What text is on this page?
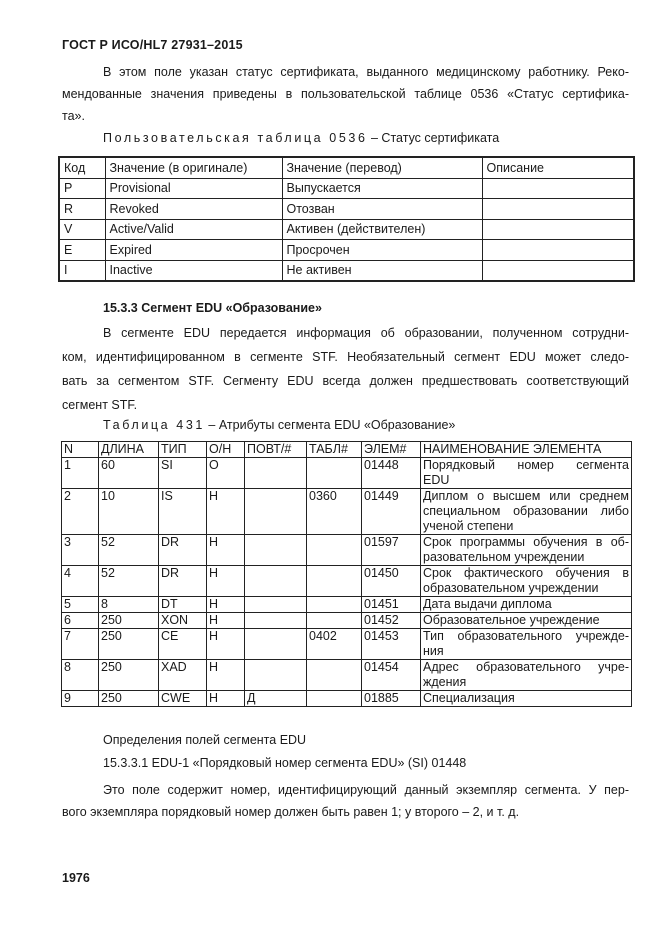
ГОСТ Р ИСО/HL7 27931–2015
В этом поле указан статус сертификата, выданного медицинскому работнику. Реко-
мендованные значения приведены в пользовательской таблице 0536 «Статус сертифика-
та».
Пользовательская таблица 0536 – Статус сертификата
Код	Значение (в оригинале)	Значение (перевод)	Описание
P	Provisional	Выпускается	
R	Revoked	Отозван	
V	Active/Valid	Активен (действителен)	
E	Expired	Просрочен	
I	Inactive	Не активен	
15.3.3 Сегмент EDU «Образование»
В сегменте EDU передается информация об образовании, полученном сотрудни-
ком, идентифицированном в сегменте STF. Необязательный сегмент EDU может следо-
вать за сегментом STF. Сегменту EDU всегда должен предшествовать соответствующий
сегмент STF.
Таблица 431 – Атрибуты сегмента EDU «Образование»
N	ДЛИНА	ТИП	О/Н	ПОВТ/#	ТАБЛ#	ЭЛЕМ#	НАИМЕНОВАНИЕ ЭЛЕМЕНТА
1	60	SI	О			01448	Порядковый номер сегмента
EDU

2	10	IS	Н		0360	01449	Диплом о высшем или среднем
специальном образовании либо
ученой степени

3	52	DR	Н			01597	Срок программы обучения в об-
разовательном учреждении

4	52	DR	Н			01450	Срок фактического обучения в
образовательном учреждении

5	8	DT	Н			01451	Дата выдачи диплома

6	250	XON	Н			01452	Образовательное учреждение

7	250	CE	Н		0402	01453	Тип образовательного учрежде-
ния

8	250	XAD	Н			01454	Адрес образовательного учре-
ждения

9	250	CWE	Н	Д		01885	Специализация
Определения полей сегмента EDU
15.3.3.1 EDU-1 «Порядковый номер сегмента EDU» (SI) 01448
Это поле содержит номер, идентифицирующий данный экземпляр сегмента. У пер-
вого экземпляра порядковый номер должен быть равен 1; у второго – 2, и т. д.
1976
